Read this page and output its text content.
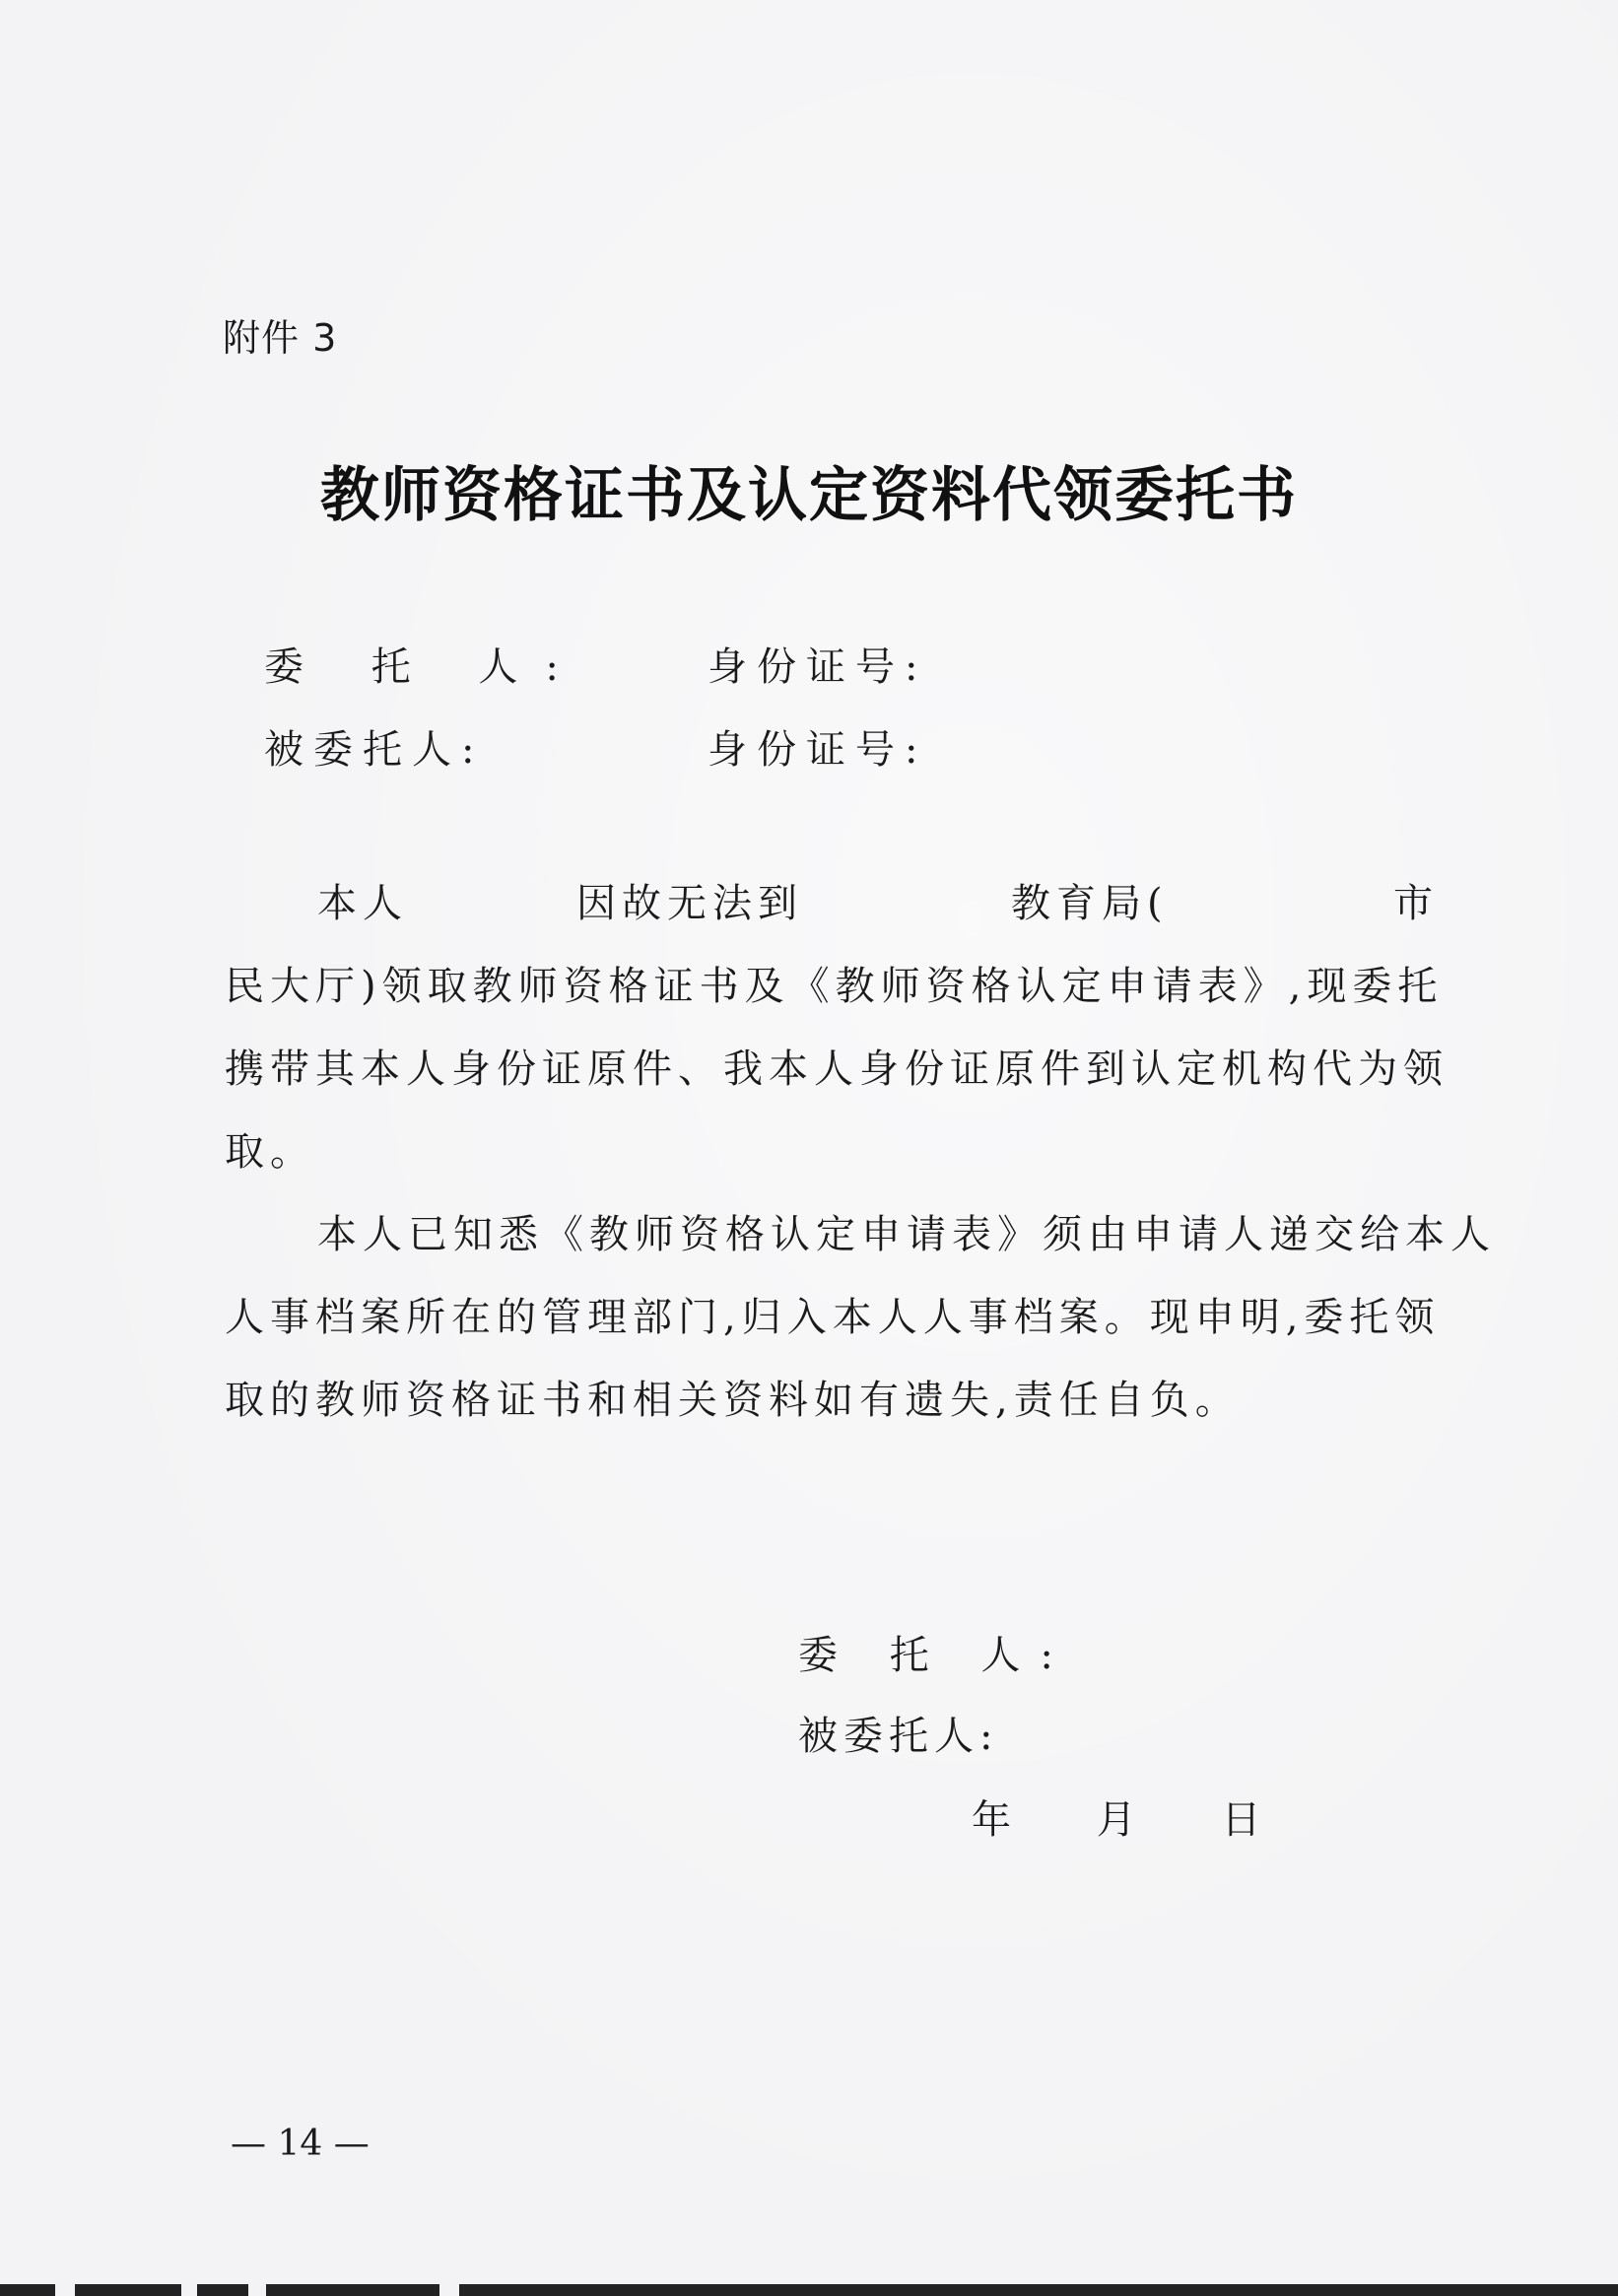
附件 3
教师资格证书及认定资料代领委托书
委 托 人:	身份证号:
被委托人:	身份证号:
本人	因故无法到	教育局(	市
民大厅)领取教师资格证书及《教师资格认定申请表》,现委托
携带其本人身份证原件、我本人身份证原件到认定机构代为领
取。
本人已知悉《教师资格认定申请表》须由申请人递交给本人
人事档案所在的管理部门,归入本人人事档案。现申明,委托领
取的教师资格证书和相关资料如有遗失,责任自负。
委 托 人:
被委托人:
年 月 日
— 14 —
